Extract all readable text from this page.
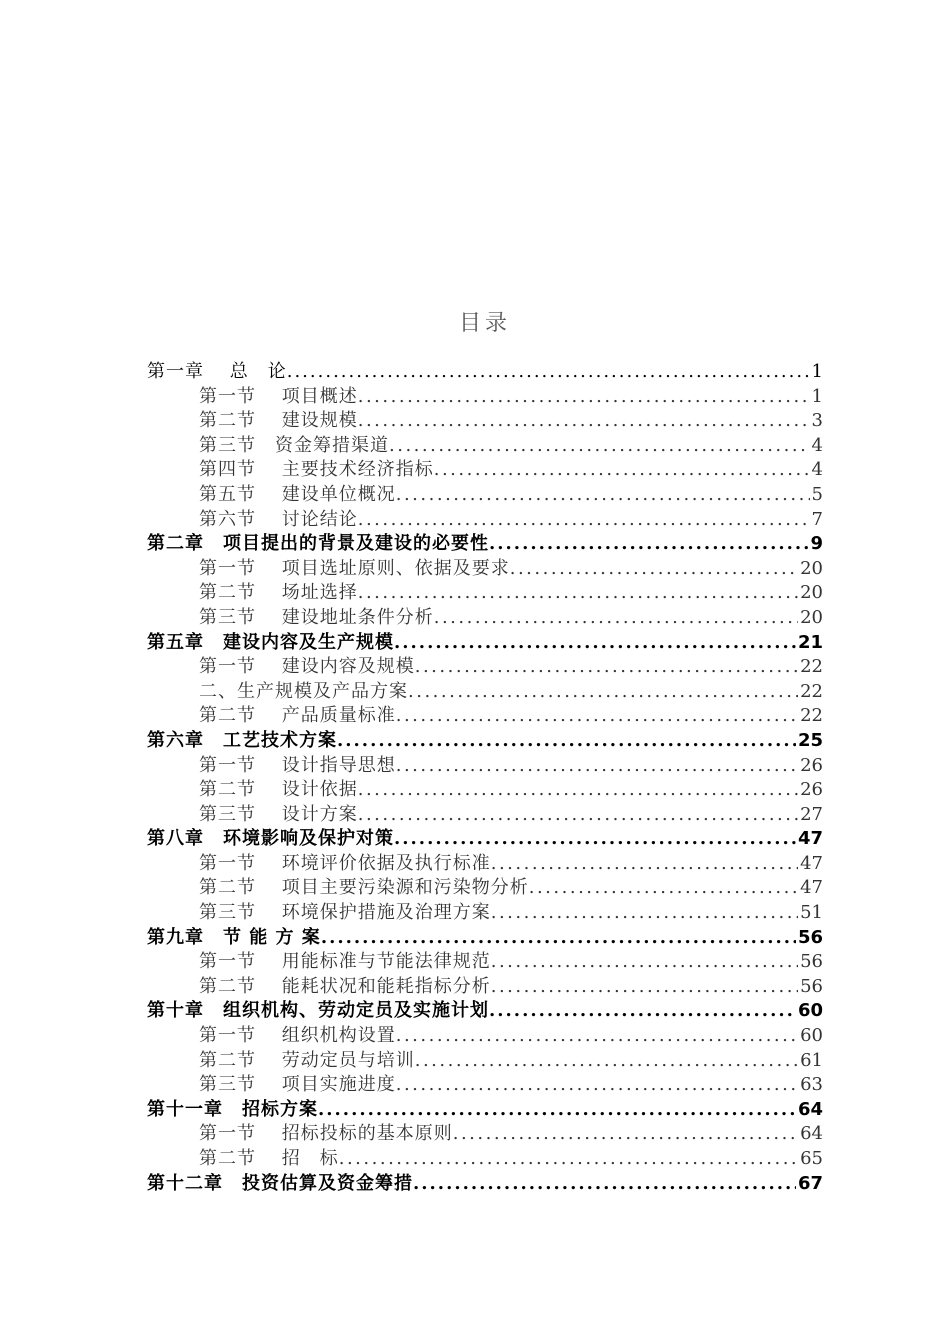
目录
第一章　 总　论 .....	1
第一节　 项目概述 .....	1
第二节　 建设规模 .....	3
第三节　资金筹措渠道 .....	4
第四节　 主要技术经济指标 .....	4
第五节　 建设单位概况 .....	5
第六节　 讨论结论 .....	7
第二章　项目提出的背景及建设的必要性 .....	9
第一节　 项目选址原则、依据及要求 .....	20
第二节　 场址选择 .....	20
第三节　 建设地址条件分析 .....	20
第五章　建设内容及生产规模 .....	21
第一节　 建设内容及规模 .....	22
二、生产规模及产品方案 .....	22
第二节　 产品质量标准 .....	22
第六章　工艺技术方案 .....	25
第一节　 设计指导思想 .....	26
第二节　 设计依据 .....	26
第三节　 设计方案 .....	27
第八章　环境影响及保护对策 .....	47
第一节　 环境评价依据及执行标准 .....	47
第二节　 项目主要污染源和污染物分析 .....	47
第三节　 环境保护措施及治理方案 .....	51
第九章　节 能 方 案 .....	56
第一节　 用能标准与节能法律规范 .....	56
第二节　 能耗状况和能耗指标分析 .....	56
第十章　组织机构、劳动定员及实施计划 .....	60
第一节　 组织机构设置 .....	60
第二节　 劳动定员与培训 .....	61
第三节　 项目实施进度 .....	63
第十一章　招标方案 .....	64
第一节　 招标投标的基本原则 .....	64
第二节　 招　标 .....	65
第十二章　投资估算及资金筹措 .....	67
